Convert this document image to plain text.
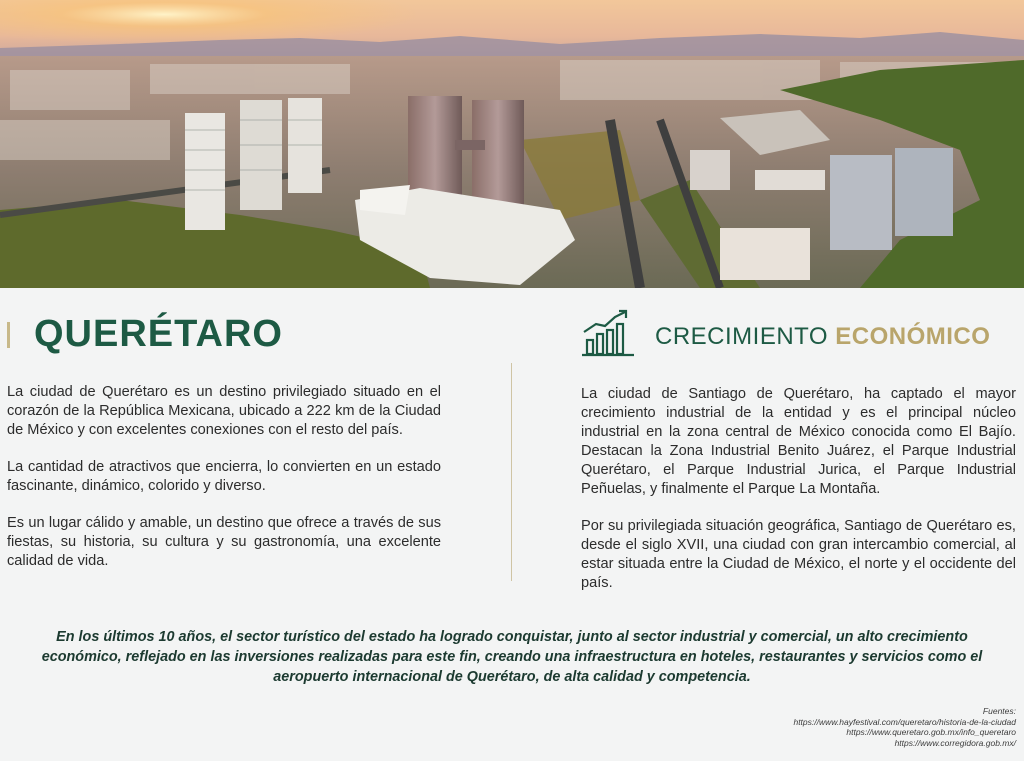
QUERÉTARO

La ciudad de Querétaro es un destino privilegiado situado en el corazón de la República Mexicana, ubicado a 222 km de la Ciudad de México y con excelentes conexiones con el resto del país.

La cantidad de atractivos que encierra, lo convierten en un estado fascinante, dinámico, colorido y diverso.

Es un lugar cálido y amable, un destino que ofrece a través de sus fiestas, su historia, su cultura y su gastronomía, una excelente calidad de vida.

CRECIMIENTO ECONÓMICO

La ciudad de Santiago de Querétaro, ha captado el mayor crecimiento industrial de la entidad y es el principal núcleo industrial en la zona central de México conocida como El Bajío. Destacan la Zona Industrial Benito Juárez, el Parque Industrial Querétaro, el Parque Industrial Jurica, el Parque Industrial Peñuelas, y finalmente el Parque La Montaña.

Por su privilegiada situación geográfica, Santiago de Querétaro es, desde el siglo XVII, una ciudad con gran intercambio comercial, al estar situada entre la Ciudad de México, el norte y el occidente del país.

En los últimos 10 años, el sector turístico del estado ha logrado conquistar, junto al sector industrial y comercial, un alto crecimiento económico, reflejado en las inversiones realizadas para este fin, creando una infraestructura en hoteles, restaurantes y servicios como el aeropuerto internacional de Querétaro, de alta calidad y competencia.
Fuentes:
https://www.hayfestival.com/queretaro/historia-de-la-ciudad
https://www.queretaro.gob.mx/info_queretaro
https://www.corregidora.gob.mx/
